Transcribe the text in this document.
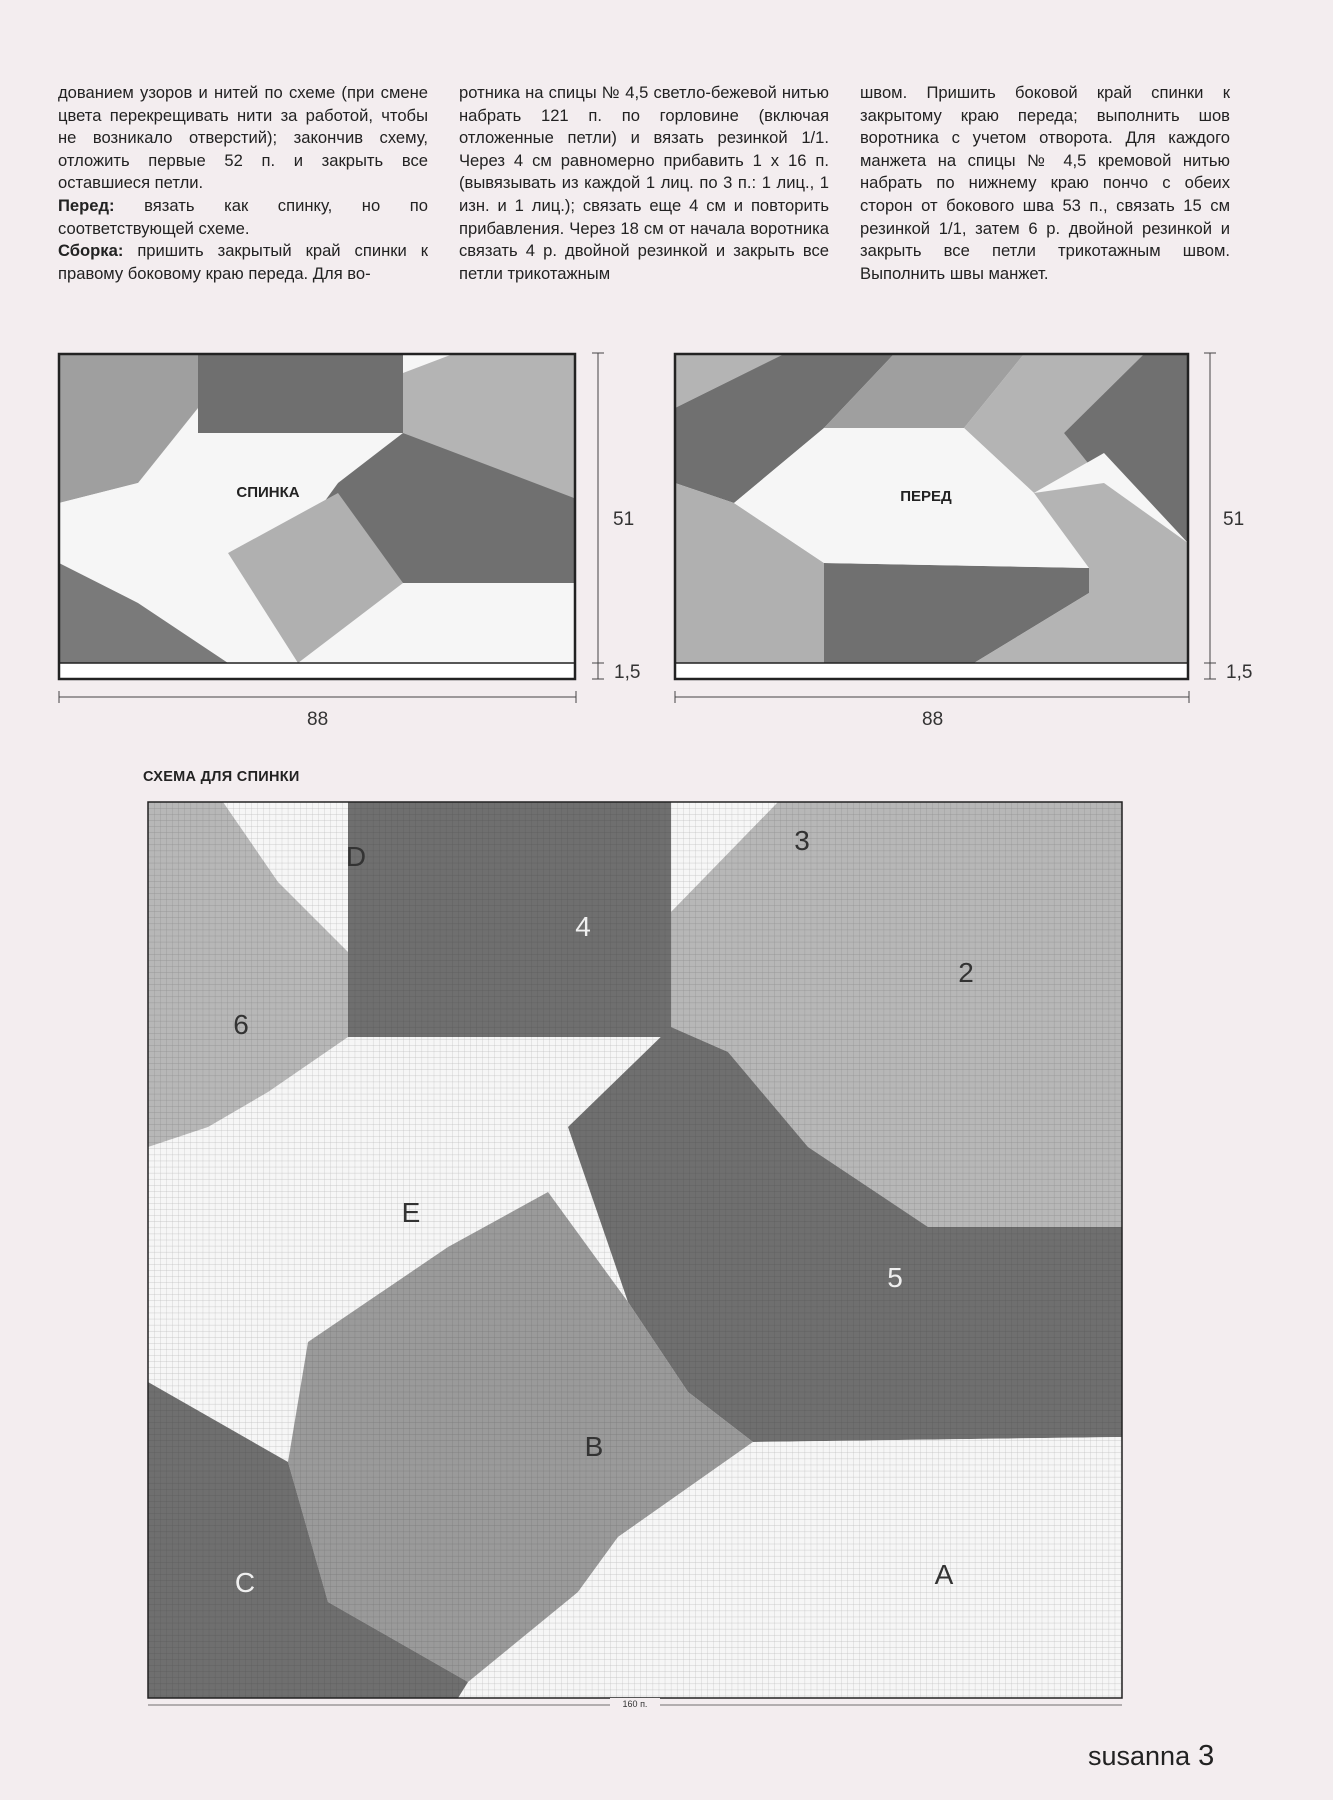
дованием узоров и нитей по схеме (при смене цвета перекрещивать нити за работой, чтобы не возникало отверстий); закончив схему, отложить первые 52 п. и закрыть все оставшиеся петли.

Перед: вязать как спинку, но по соответствующей схеме.

Сборка: пришить закрытый край спинки к правому боковому краю переда. Для во-

ротника на спицы № 4,5 светло-бежевой нитью набрать 121 п. по горловине (включая отложенные петли) и вязать резинкой 1/1. Через 4 см равномерно прибавить 1 x 16 п. (вывязывать из каждой 1 лиц. по 3 п.: 1 лиц., 1 изн. и 1 лиц.); связать еще 4 см и повторить прибавления. Через 18 см от начала воротника связать 4 р. двойной резинкой и закрыть все петли трикотажным

швом. Пришить боковой край спинки к закрытому краю переда; выполнить шов воротника с учетом отворота. Для каждого манжета на спицы № 4,5 кремовой нитью набрать по нижнему краю пончо с обеих сторон от бокового шва 53 п., связать 15 см резинкой 1/1, затем 6 р. двойной резинкой и закрыть все петли трикотажным швом. Выполнить швы манжет.

СПИНКА
51
1,5
88
ПЕРЕД
51
1,5
88
СХЕМА ДЛЯ СПИНКИ
D
3
4
2
6
E
5
B
C	A
160 п.
susanna 3
